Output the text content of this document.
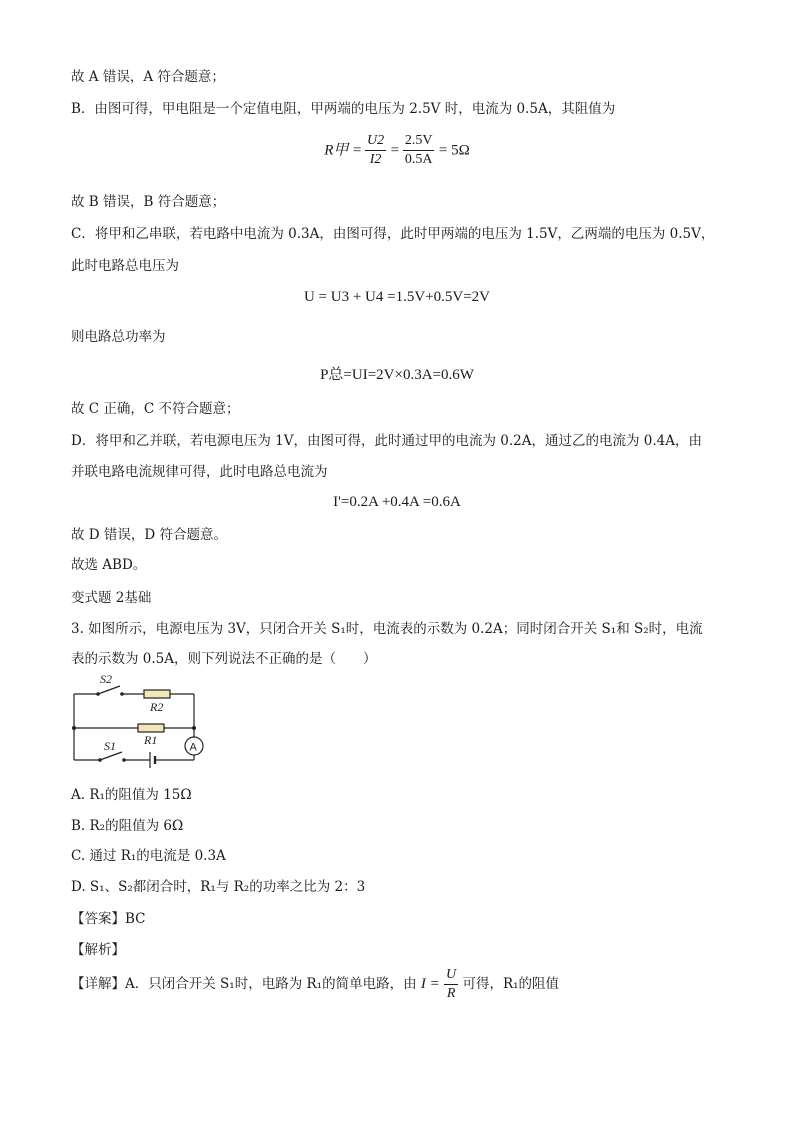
故 A 错误，A 符合题意；
B．由图可得，甲电阻是一个定值电阻，甲两端的电压为 2.5V 时，电流为 0.5A，其阻值为
R甲 = $\frac{U2}{I2} = \frac{2.5V}{0.5A} = 5\Omega$
故 B 错误，B 符合题意；
C．将甲和乙串联，若电路中电流为 0.3A，由图可得，此时甲两端的电压为 1.5V，乙两端的电压为 0.5V，
此时电路总电压为
U = U3 + U4 =1.5V+0.5V=2V
则电路总功率为
P总=UI=2V×0.3A=0.6W
故 C 正确，C 不符合题意；
D．将甲和乙并联，若电源电压为 1V，由图可得，此时通过甲的电流为 0.2A，通过乙的电流为 0.4A，由
并联电路电流规律可得，此时电路总电流为
I'=0.2A +0.4A =0.6A
故 D 错误，D 符合题意。
故选 ABD。
变式题 2基础
3. 如图所示，电源电压为 3V，只闭合开关 S₁时，电流表的示数为 0.2A；同时闭合开关 S₁和 S₂时，电流
表的示数为 0.5A，则下列说法不正确的是（　　）
S2
R2
R1
S1	A
A. R₁的阻值为 15Ω
B. R₂的阻值为 6Ω
C. 通过 R₁的电流是 0.3A
D. S₁、S₂都闭合时，R₁与 R₂的功率之比为 2：3
【答案】BC
【解析】
【详解】A．只闭合开关 S₁时，电路为 R₁的简单电路，由 $I = \frac{U}{R}$ 可得，R₁的阻值
